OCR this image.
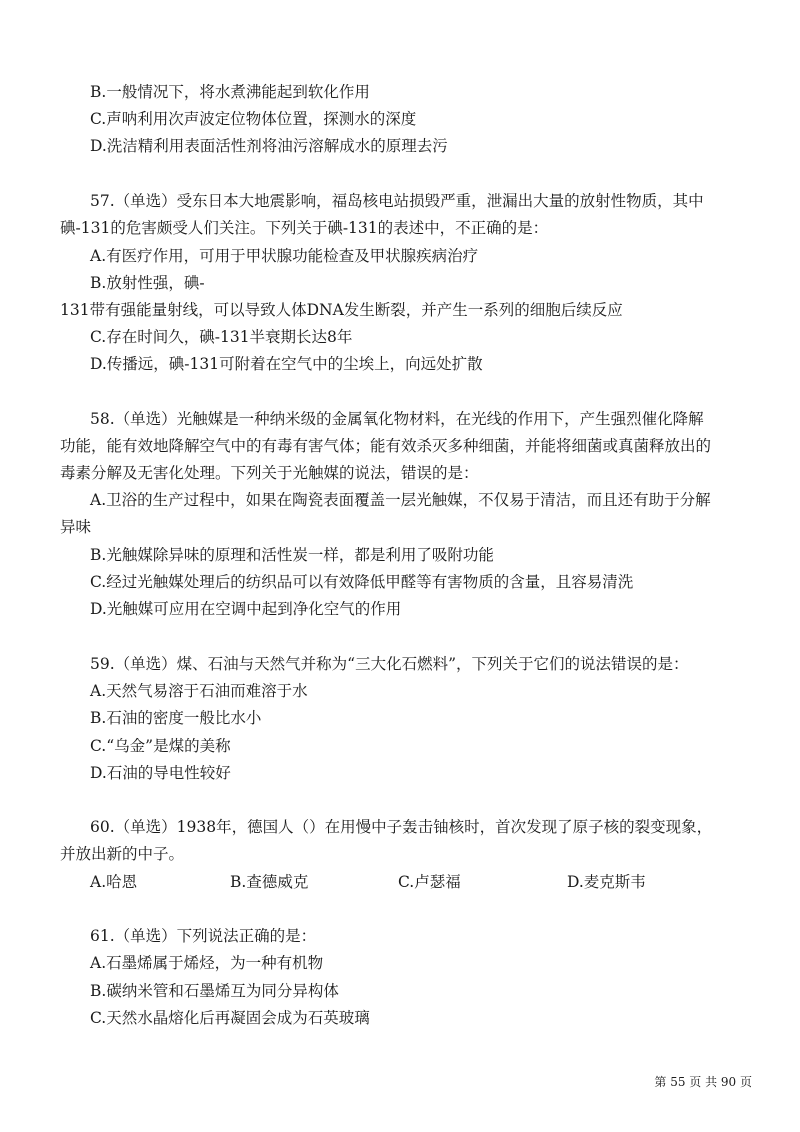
B.一般情况下，将水煮沸能起到软化作用
C.声呐利用次声波定位物体位置，探测水的深度
D.洗洁精利用表面活性剂将油污溶解成水的原理去污
57.（单选）受东日本大地震影响，福岛核电站损毁严重，泄漏出大量的放射性物质，其中
碘-131的危害颇受人们关注。下列关于碘-131的表述中，不正确的是：
A.有医疗作用，可用于甲状腺功能检查及甲状腺疾病治疗
B.放射性强，碘-
131带有强能量射线，可以导致人体DNA发生断裂，并产生一系列的细胞后续反应
C.存在时间久，碘-131半衰期长达8年
D.传播远，碘-131可附着在空气中的尘埃上，向远处扩散
58.（单选）光触媒是一种纳米级的金属氧化物材料，在光线的作用下，产生强烈催化降解
功能，能有效地降解空气中的有毒有害气体；能有效杀灭多种细菌，并能将细菌或真菌释放出的
毒素分解及无害化处理。下列关于光触媒的说法，错误的是：
A.卫浴的生产过程中，如果在陶瓷表面覆盖一层光触媒，不仅易于清洁，而且还有助于分解
异味
B.光触媒除异味的原理和活性炭一样，都是利用了吸附功能
C.经过光触媒处理后的纺织品可以有效降低甲醛等有害物质的含量，且容易清洗
D.光触媒可应用在空调中起到净化空气的作用
59.（单选）煤、石油与天然气并称为“三大化石燃料”，下列关于它们的说法错误的是：
A.天然气易溶于石油而难溶于水
B.石油的密度一般比水小
C.“乌金”是煤的美称
D.石油的导电性较好
60.（单选）1938年，德国人（）在用慢中子轰击铀核时，首次发现了原子核的裂变现象，
并放出新的中子。
A.哈恩	B.查德威克	C.卢瑟福	D.麦克斯韦
61.（单选）下列说法正确的是：
A.石墨烯属于烯烃，为一种有机物
B.碳纳米管和石墨烯互为同分异构体
C.天然水晶熔化后再凝固会成为石英玻璃
第 55 页 共 90 页
